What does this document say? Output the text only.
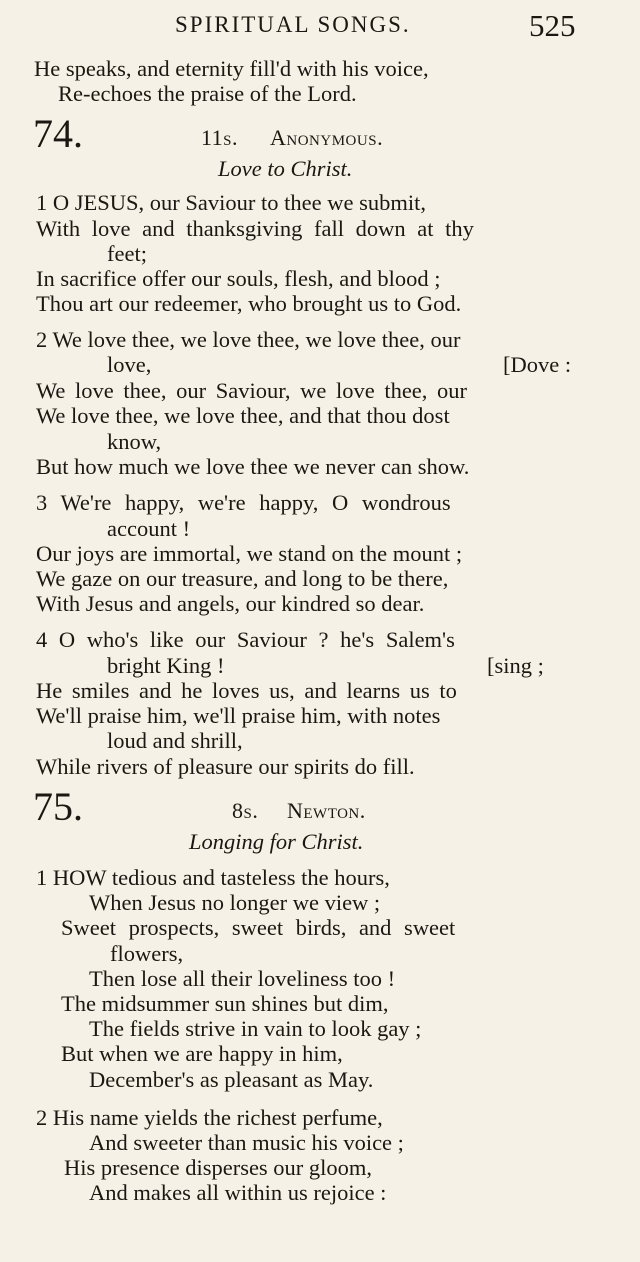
SPIRITUAL SONGS.	525
He speaks, and eternity fill'd with his voice,
Re-echoes the praise of the Lord.
74.	11s. Anonymous.
Love to Christ.
1 O JESUS, our Saviour to thee we submit,
With love and thanksgiving fall down at thy
feet;
In sacrifice offer our souls, flesh, and blood ;
Thou art our redeemer, who brought us to God.
2 We love thee, we love thee, we love thee, our
love,	[Dove :
We love thee, our Saviour, we love thee, our
We love thee, we love thee, and that thou dost
know,
But how much we love thee we never can show.
3 We're happy, we're happy, O wondrous
account !
Our joys are immortal, we stand on the mount ;
We gaze on our treasure, and long to be there,
With Jesus and angels, our kindred so dear.
4 O who's like our Saviour ? he's Salem's
bright King !	[sing ;
He smiles and he loves us, and learns us to
We'll praise him, we'll praise him, with notes
loud and shrill,
While rivers of pleasure our spirits do fill.
75.	8s. Newton.
Longing for Christ.
1 HOW tedious and tasteless the hours,
When Jesus no longer we view ;
Sweet prospects, sweet birds, and sweet
flowers,
Then lose all their loveliness too !
The midsummer sun shines but dim,
The fields strive in vain to look gay ;
But when we are happy in him,
December's as pleasant as May.
2 His name yields the richest perfume,
And sweeter than music his voice ;
His presence disperses our gloom,
And makes all within us rejoice :
